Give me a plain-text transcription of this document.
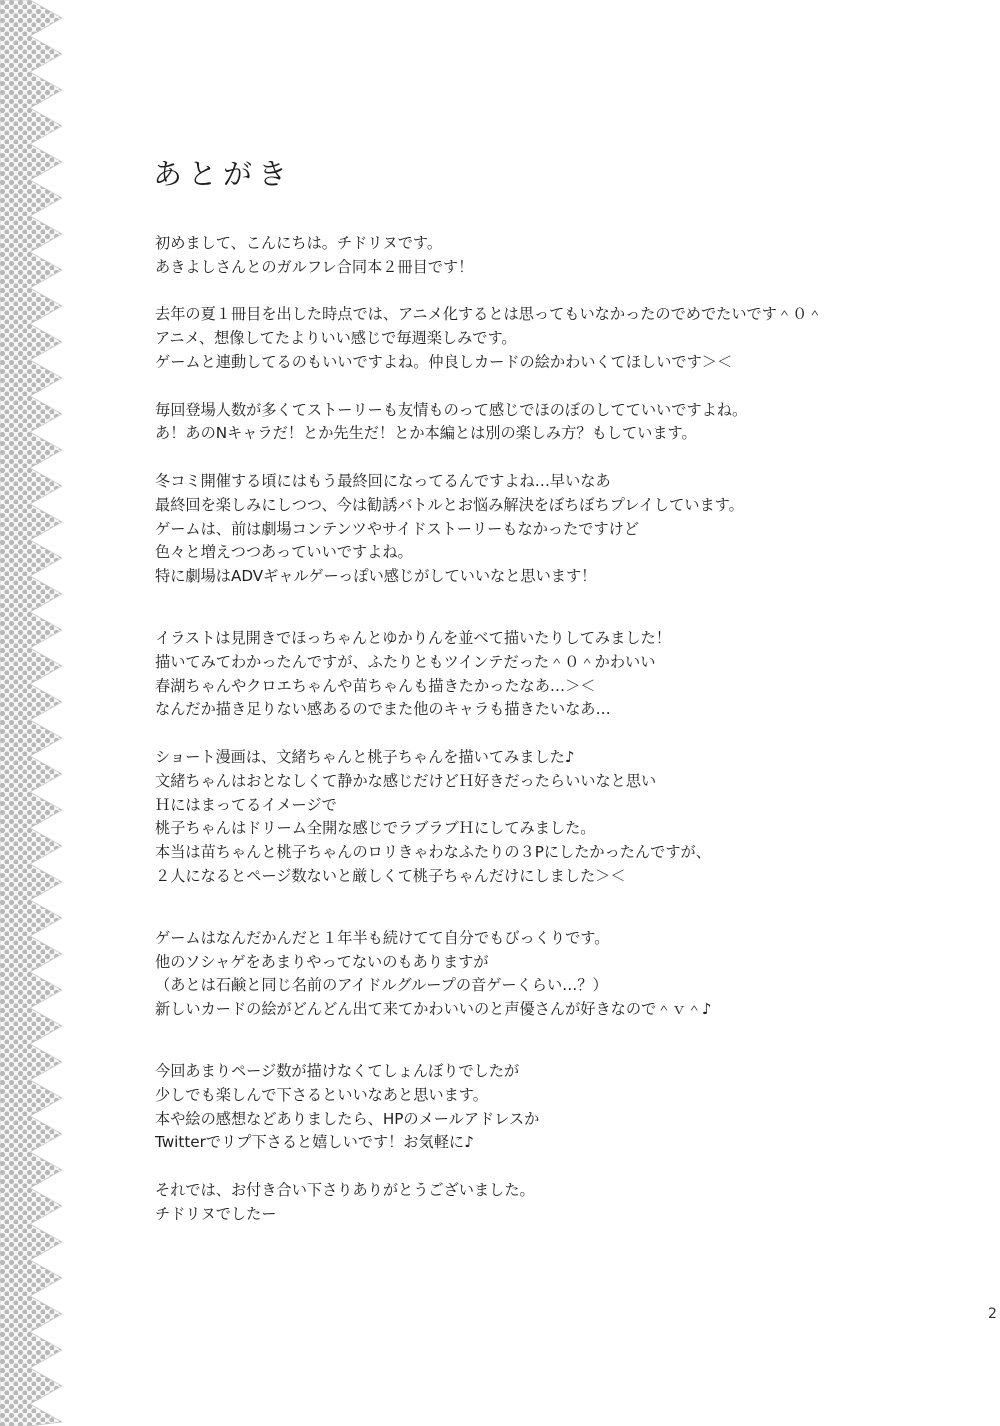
あとがき
初めまして、こんにちは。チドリヌです。
あきよしさんとのガルフレ合同本２冊目です！
去年の夏１冊目を出した時点では、アニメ化するとは思ってもいなかったのでめでたいです＾０＾
アニメ、想像してたよりいい感じで毎週楽しみです。
ゲームと連動してるのもいいですよね。仲良しカードの絵かわいくてほしいです＞＜
毎回登場人数が多くてストーリーも友情ものって感じでほのぼのしてていいですよね。
あ！あのNキャラだ！とか先生だ！とか本編とは別の楽しみ方？もしています。
冬コミ開催する頃にはもう最終回になってるんですよね…早いなあ
最終回を楽しみにしつつ、今は勧誘バトルとお悩み解決をぼちぼちプレイしています。
ゲームは、前は劇場コンテンツやサイドストーリーもなかったですけど
色々と増えつつあっていいですよね。
特に劇場はADVギャルゲーっぽい感じがしていいなと思います！
イラストは見開きでほっちゃんとゆかりんを並べて描いたりしてみました！
描いてみてわかったんですが、ふたりともツインテだった＾０＾かわいい
春湖ちゃんやクロエちゃんや苗ちゃんも描きたかったなあ…＞＜
なんだか描き足りない感あるのでまた他のキャラも描きたいなあ…
ショート漫画は、文緒ちゃんと桃子ちゃんを描いてみました♪
文緒ちゃんはおとなしくて静かな感じだけどＨ好きだったらいいなと思い
Ｈにはまってるイメージで
桃子ちゃんはドリーム全開な感じでラブラブＨにしてみました。
本当は苗ちゃんと桃子ちゃんのロリきゃわなふたりの３Pにしたかったんですが、
２人になるとページ数ないと厳しくて桃子ちゃんだけにしました＞＜
ゲームはなんだかんだと１年半も続けてて自分でもびっくりです。
他のソシャゲをあまりやってないのもありますが
（あとは石鹸と同じ名前のアイドルグループの音ゲーくらい…？）
新しいカードの絵がどんどん出て来てかわいいのと声優さんが好きなので＾ｖ＾♪
今回あまりページ数が描けなくてしょんぼりでしたが
少しでも楽しんで下さるといいなあと思います。
本や絵の感想などありましたら、HPのメールアドレスか
Twitterでリプ下さると嬉しいです！お気軽に♪
それでは、お付き合い下さりありがとうございました。
チドリヌでしたー
2
